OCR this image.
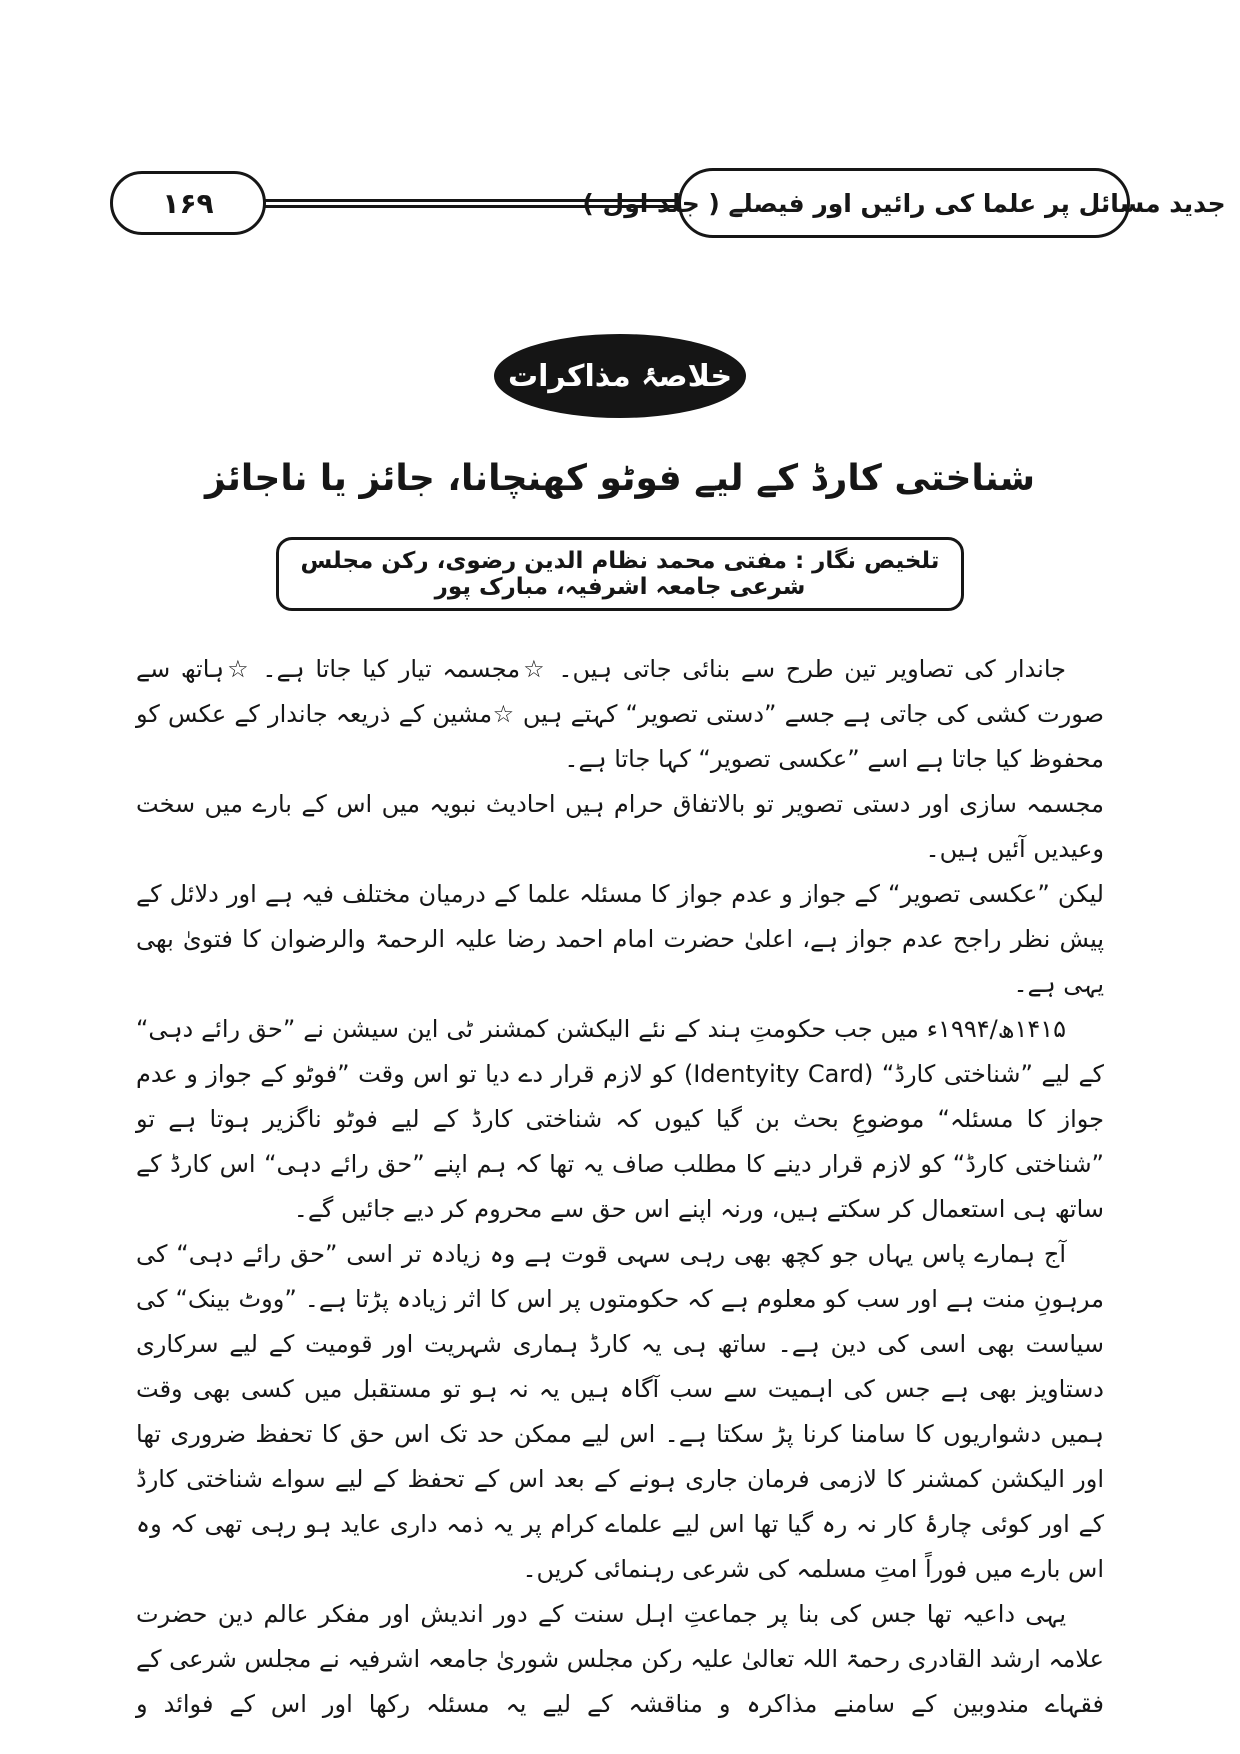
۱۶۹	جدید مسائل پر علما کی رائیں اور فیصلے ( جلد اول )
خلاصۂ مذاکرات
شناختی کارڈ کے لیے فوٹو کھنچانا، جائز یا ناجائز
تلخیص نگار : مفتی محمد نظام الدین رضوی، رکن مجلس شرعی جامعہ اشرفیہ، مبارک پور

جاندار کی تصاویر تین طرح سے بنائی جاتی ہیں۔ ☆مجسمہ تیار کیا جاتا ہے۔ ☆ہاتھ سے صورت کشی کی جاتی ہے جسے ”دستی تصویر“ کہتے ہیں ☆مشین کے ذریعہ جاندار کے عکس کو محفوظ کیا جاتا ہے اسے ”عکسی تصویر“ کہا جاتا ہے۔

مجسمہ سازی اور دستی تصویر تو بالاتفاق حرام ہیں احادیث نبویہ میں اس کے بارے میں سخت وعیدیں آئیں ہیں۔

لیکن ”عکسی تصویر“ کے جواز و عدم جواز کا مسئلہ علما کے درمیان مختلف فیہ ہے اور دلائل کے پیش نظر راجح عدم جواز ہے، اعلیٰ حضرت امام احمد رضا علیہ الرحمۃ والرضوان کا فتویٰ بھی یہی ہے۔

۱۴۱۵ھ/۱۹۹۴ء میں جب حکومتِ ہند کے نئے الیکشن کمشنر ٹی این سیشن نے ”حق رائے دہی“ کے لیے ”شناختی کارڈ“ (Identyity Card) کو لازم قرار دے دیا تو اس وقت ”فوٹو کے جواز و عدم جواز کا مسئلہ“ موضوعِ بحث بن گیا کیوں کہ شناختی کارڈ کے لیے فوٹو ناگزیر ہوتا ہے تو ”شناختی کارڈ“ کو لازم قرار دینے کا مطلب صاف یہ تھا کہ ہم اپنے ”حق رائے دہی“ اس کارڈ کے ساتھ ہی استعمال کر سکتے ہیں، ورنہ اپنے اس حق سے محروم کر دیے جائیں گے۔

آج ہمارے پاس یہاں جو کچھ بھی رہی سہی قوت ہے وہ زیادہ تر اسی ”حق رائے دہی“ کی مرہونِ منت ہے اور سب کو معلوم ہے کہ حکومتوں پر اس کا اثر زیادہ پڑتا ہے۔ ”ووٹ بینک“ کی سیاست بھی اسی کی دین ہے۔ ساتھ ہی یہ کارڈ ہماری شہریت اور قومیت کے لیے سرکاری دستاویز بھی ہے جس کی اہمیت سے سب آگاہ ہیں یہ نہ ہو تو مستقبل میں کسی بھی وقت ہمیں دشواریوں کا سامنا کرنا پڑ سکتا ہے۔ اس لیے ممکن حد تک اس حق کا تحفظ ضروری تھا اور الیکشن کمشنر کا لازمی فرمان جاری ہونے کے بعد اس کے تحفظ کے لیے سواے شناختی کارڈ کے اور کوئی چارۂ کار نہ رہ گیا تھا اس لیے علماے کرام پر یہ ذمہ داری عاید ہو رہی تھی کہ وہ اس بارے میں فوراً امتِ مسلمہ کی شرعی رہنمائی کریں۔

یہی داعیہ تھا جس کی بنا پر جماعتِ اہل سنت کے دور اندیش اور مفکر عالم دین حضرت علامہ ارشد القادری رحمۃ اللہ تعالیٰ علیہ رکن مجلس شوریٰ جامعہ اشرفیہ نے مجلس شرعی کے فقہاے مندوبین کے سامنے مذاکرہ و مناقشہ کے لیے یہ مسئلہ رکھا اور اس کے فوائد و
